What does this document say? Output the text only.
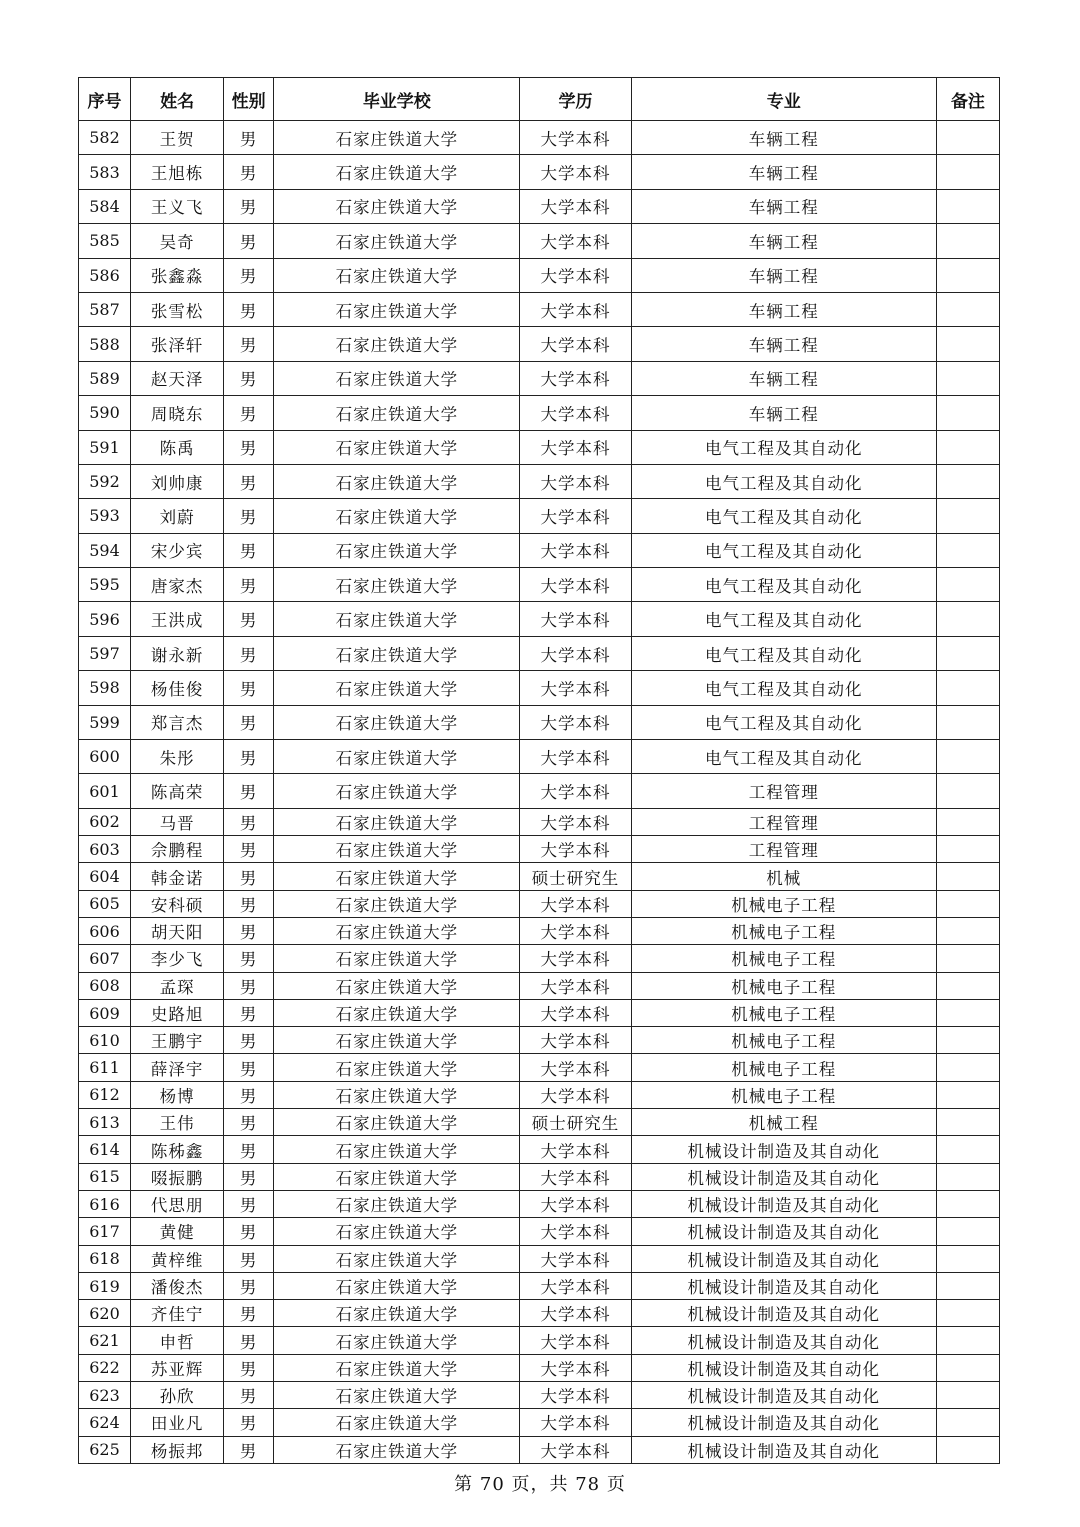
序号	姓名	性别	毕业学校	学历	专业	备注
582	王贺	男	石家庄铁道大学	大学本科	车辆工程	
583	王旭栋	男	石家庄铁道大学	大学本科	车辆工程	
584	王义飞	男	石家庄铁道大学	大学本科	车辆工程	
585	吴奇	男	石家庄铁道大学	大学本科	车辆工程	
586	张鑫淼	男	石家庄铁道大学	大学本科	车辆工程	
587	张雪松	男	石家庄铁道大学	大学本科	车辆工程	
588	张泽轩	男	石家庄铁道大学	大学本科	车辆工程	
589	赵天泽	男	石家庄铁道大学	大学本科	车辆工程	
590	周晓东	男	石家庄铁道大学	大学本科	车辆工程	
591	陈禹	男	石家庄铁道大学	大学本科	电气工程及其自动化	
592	刘帅康	男	石家庄铁道大学	大学本科	电气工程及其自动化	
593	刘蔚	男	石家庄铁道大学	大学本科	电气工程及其自动化	
594	宋少宾	男	石家庄铁道大学	大学本科	电气工程及其自动化	
595	唐家杰	男	石家庄铁道大学	大学本科	电气工程及其自动化	
596	王洪成	男	石家庄铁道大学	大学本科	电气工程及其自动化	
597	谢永新	男	石家庄铁道大学	大学本科	电气工程及其自动化	
598	杨佳俊	男	石家庄铁道大学	大学本科	电气工程及其自动化	
599	郑言杰	男	石家庄铁道大学	大学本科	电气工程及其自动化	
600	朱彤	男	石家庄铁道大学	大学本科	电气工程及其自动化	
601	陈高荣	男	石家庄铁道大学	大学本科	工程管理	
602	马晋	男	石家庄铁道大学	大学本科	工程管理	
603	佘鹏程	男	石家庄铁道大学	大学本科	工程管理	
604	韩金诺	男	石家庄铁道大学	硕士研究生	机械	
605	安科硕	男	石家庄铁道大学	大学本科	机械电子工程	
606	胡天阳	男	石家庄铁道大学	大学本科	机械电子工程	
607	李少飞	男	石家庄铁道大学	大学本科	机械电子工程	
608	孟琛	男	石家庄铁道大学	大学本科	机械电子工程	
609	史路旭	男	石家庄铁道大学	大学本科	机械电子工程	
610	王鹏宇	男	石家庄铁道大学	大学本科	机械电子工程	
611	薛泽宇	男	石家庄铁道大学	大学本科	机械电子工程	
612	杨博	男	石家庄铁道大学	大学本科	机械电子工程	
613	王伟	男	石家庄铁道大学	硕士研究生	机械工程	
614	陈秭鑫	男	石家庄铁道大学	大学本科	机械设计制造及其自动化	
615	啜振鹏	男	石家庄铁道大学	大学本科	机械设计制造及其自动化	
616	代思朋	男	石家庄铁道大学	大学本科	机械设计制造及其自动化	
617	黄健	男	石家庄铁道大学	大学本科	机械设计制造及其自动化	
618	黄梓维	男	石家庄铁道大学	大学本科	机械设计制造及其自动化	
619	潘俊杰	男	石家庄铁道大学	大学本科	机械设计制造及其自动化	
620	齐佳宁	男	石家庄铁道大学	大学本科	机械设计制造及其自动化	
621	申哲	男	石家庄铁道大学	大学本科	机械设计制造及其自动化	
622	苏亚辉	男	石家庄铁道大学	大学本科	机械设计制造及其自动化	
623	孙欣	男	石家庄铁道大学	大学本科	机械设计制造及其自动化	
624	田业凡	男	石家庄铁道大学	大学本科	机械设计制造及其自动化	
625	杨振邦	男	石家庄铁道大学	大学本科	机械设计制造及其自动化	
第 70 页，共 78 页
